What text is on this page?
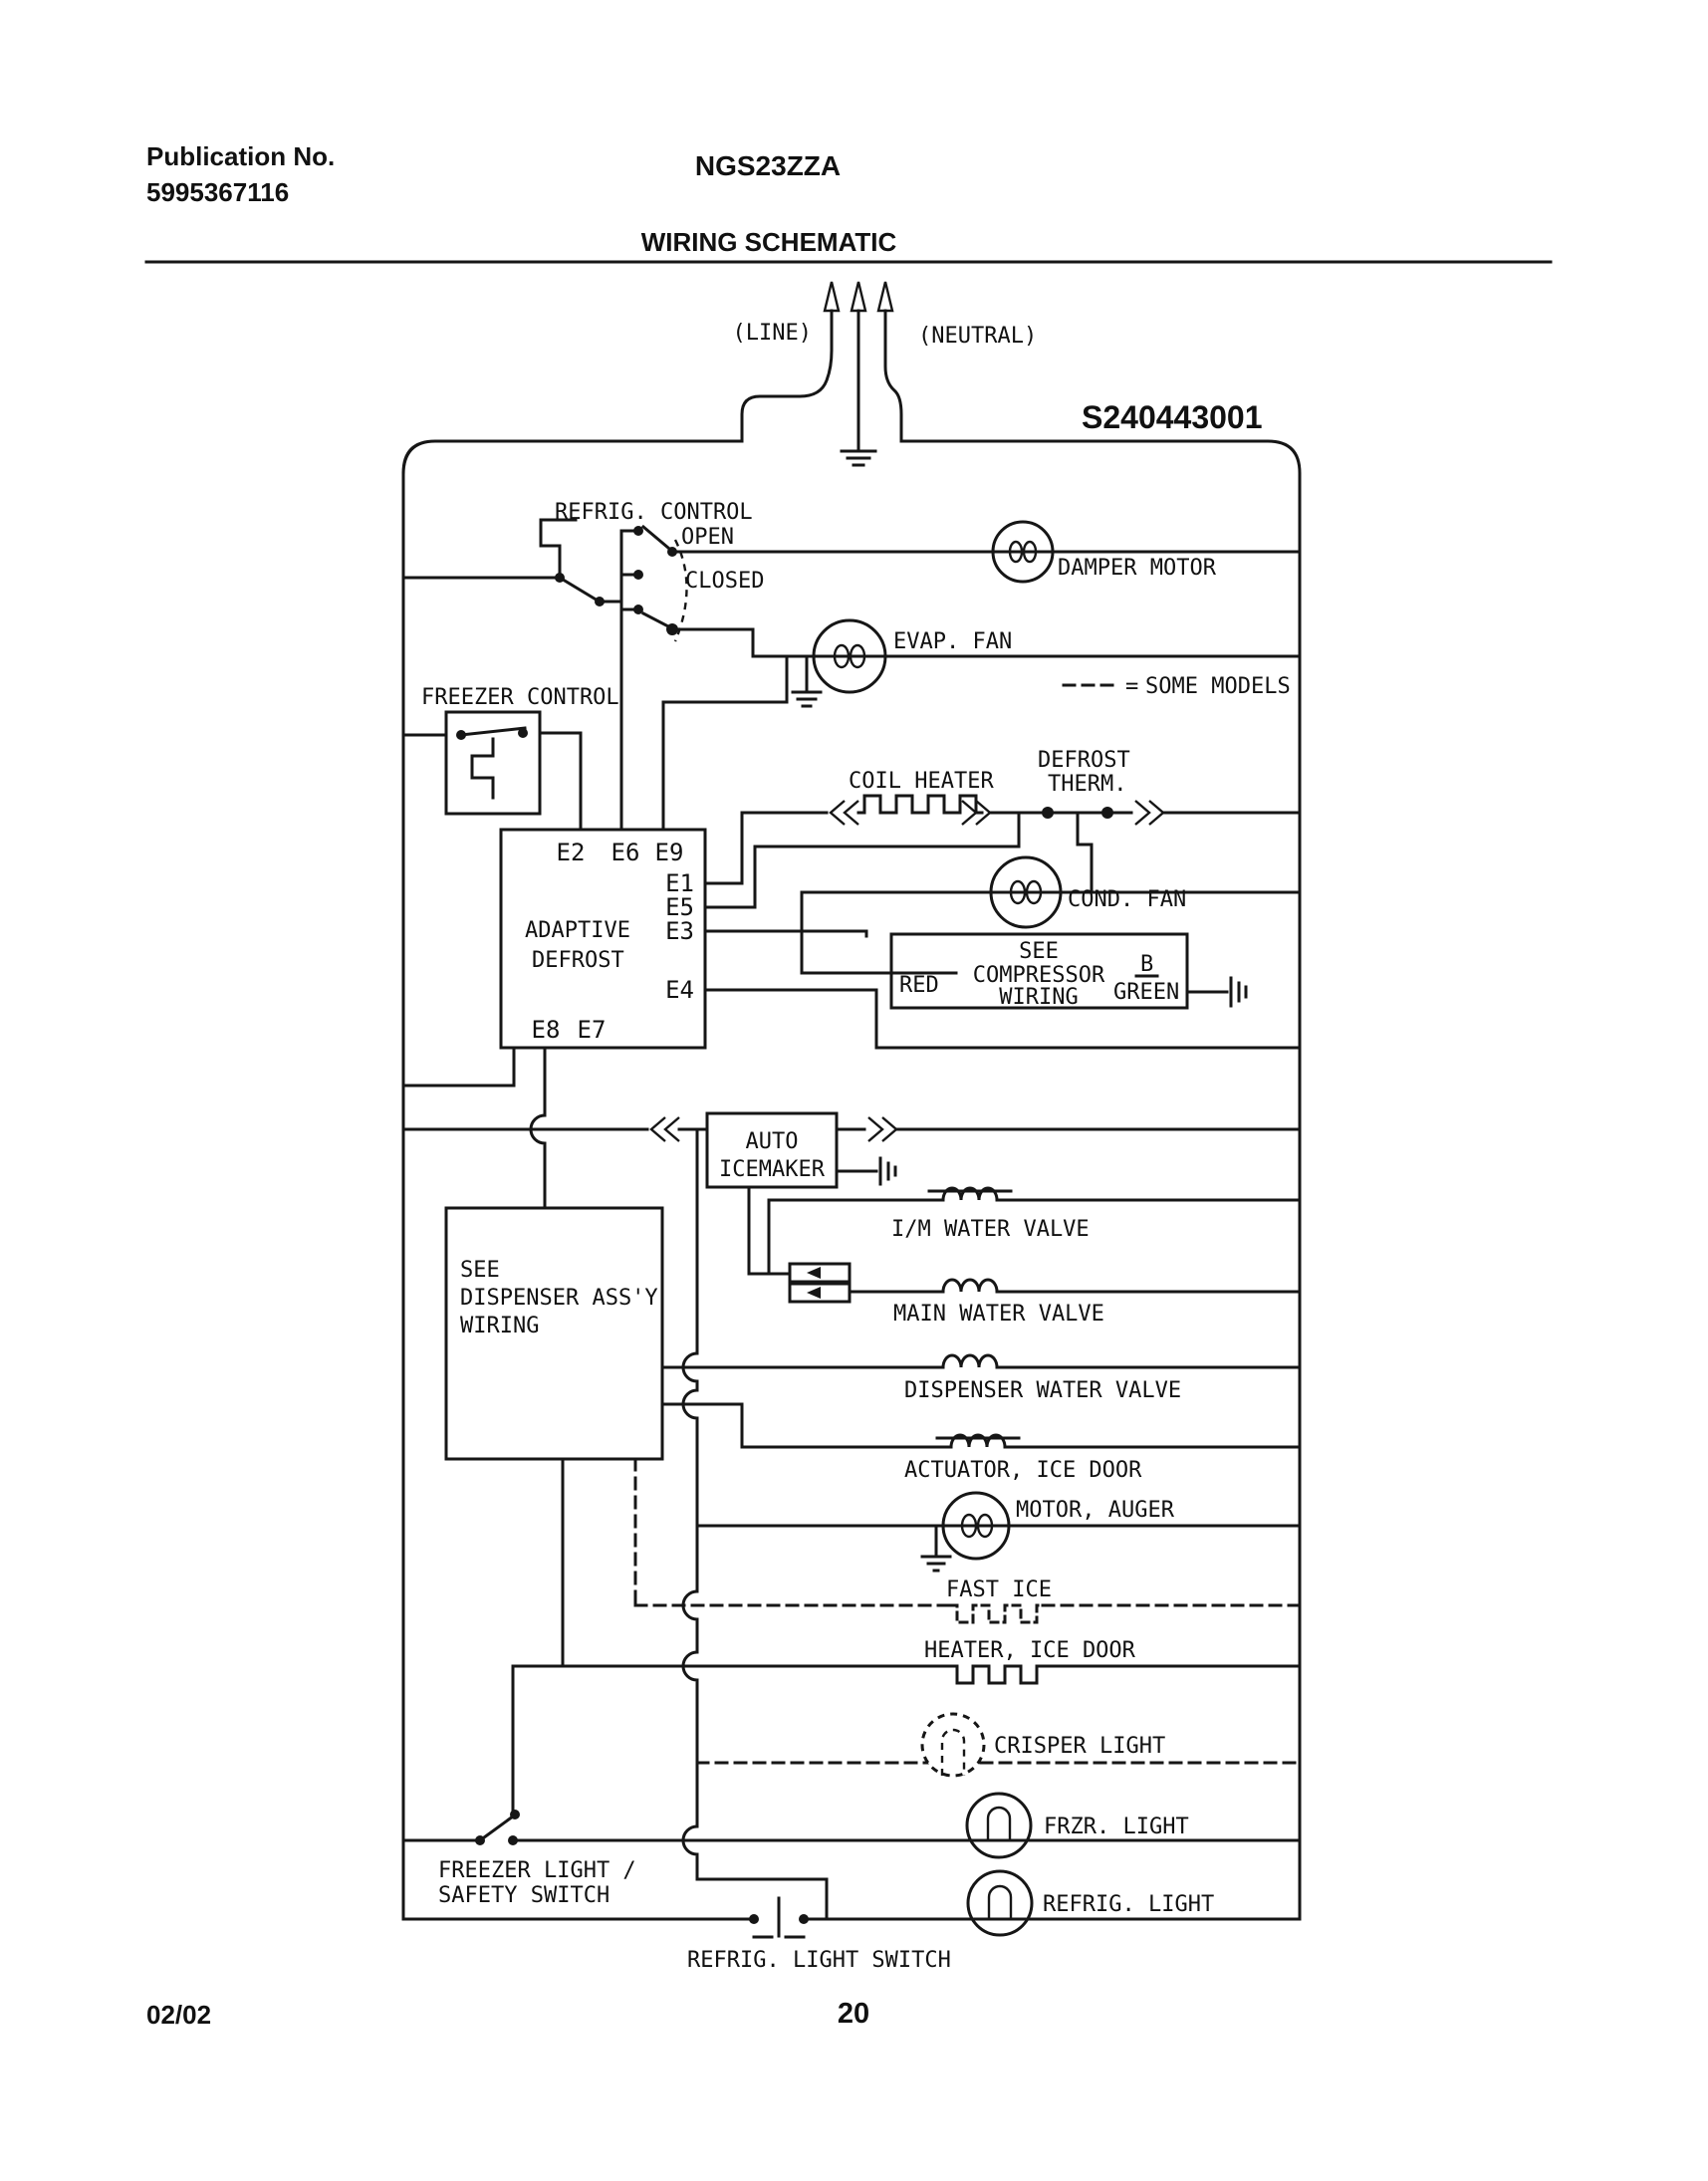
Publication No.
5995367116
NGS23ZZA
WIRING SCHEMATIC
S240443001
(LINE)	(NEUTRAL)
REFRIG. CONTROL
OPEN
CLOSED
DAMPER MOTOR
EVAP. FAN
= SOME MODELS
FREEZER CONTROL
COIL HEATER
DEFROST
THERM.
E2 E6 E9
E1
E5
E3
E4
E8 E7
ADAPTIVE
DEFROST
COND. FAN
SEE
COMPRESSOR
WIRING
RED
B
GREEN
AUTO
ICEMAKER
SEE
DISPENSER ASS'Y
WIRING
I/M WATER VALVE
MAIN WATER VALVE
DISPENSER WATER VALVE
ACTUATOR, ICE DOOR
MOTOR, AUGER
FAST ICE
HEATER, ICE DOOR
CRISPER LIGHT
FRZR. LIGHT
REFRIG. LIGHT
FREEZER LIGHT /
SAFETY SWITCH
REFRIG. LIGHT SWITCH
02/02	20
